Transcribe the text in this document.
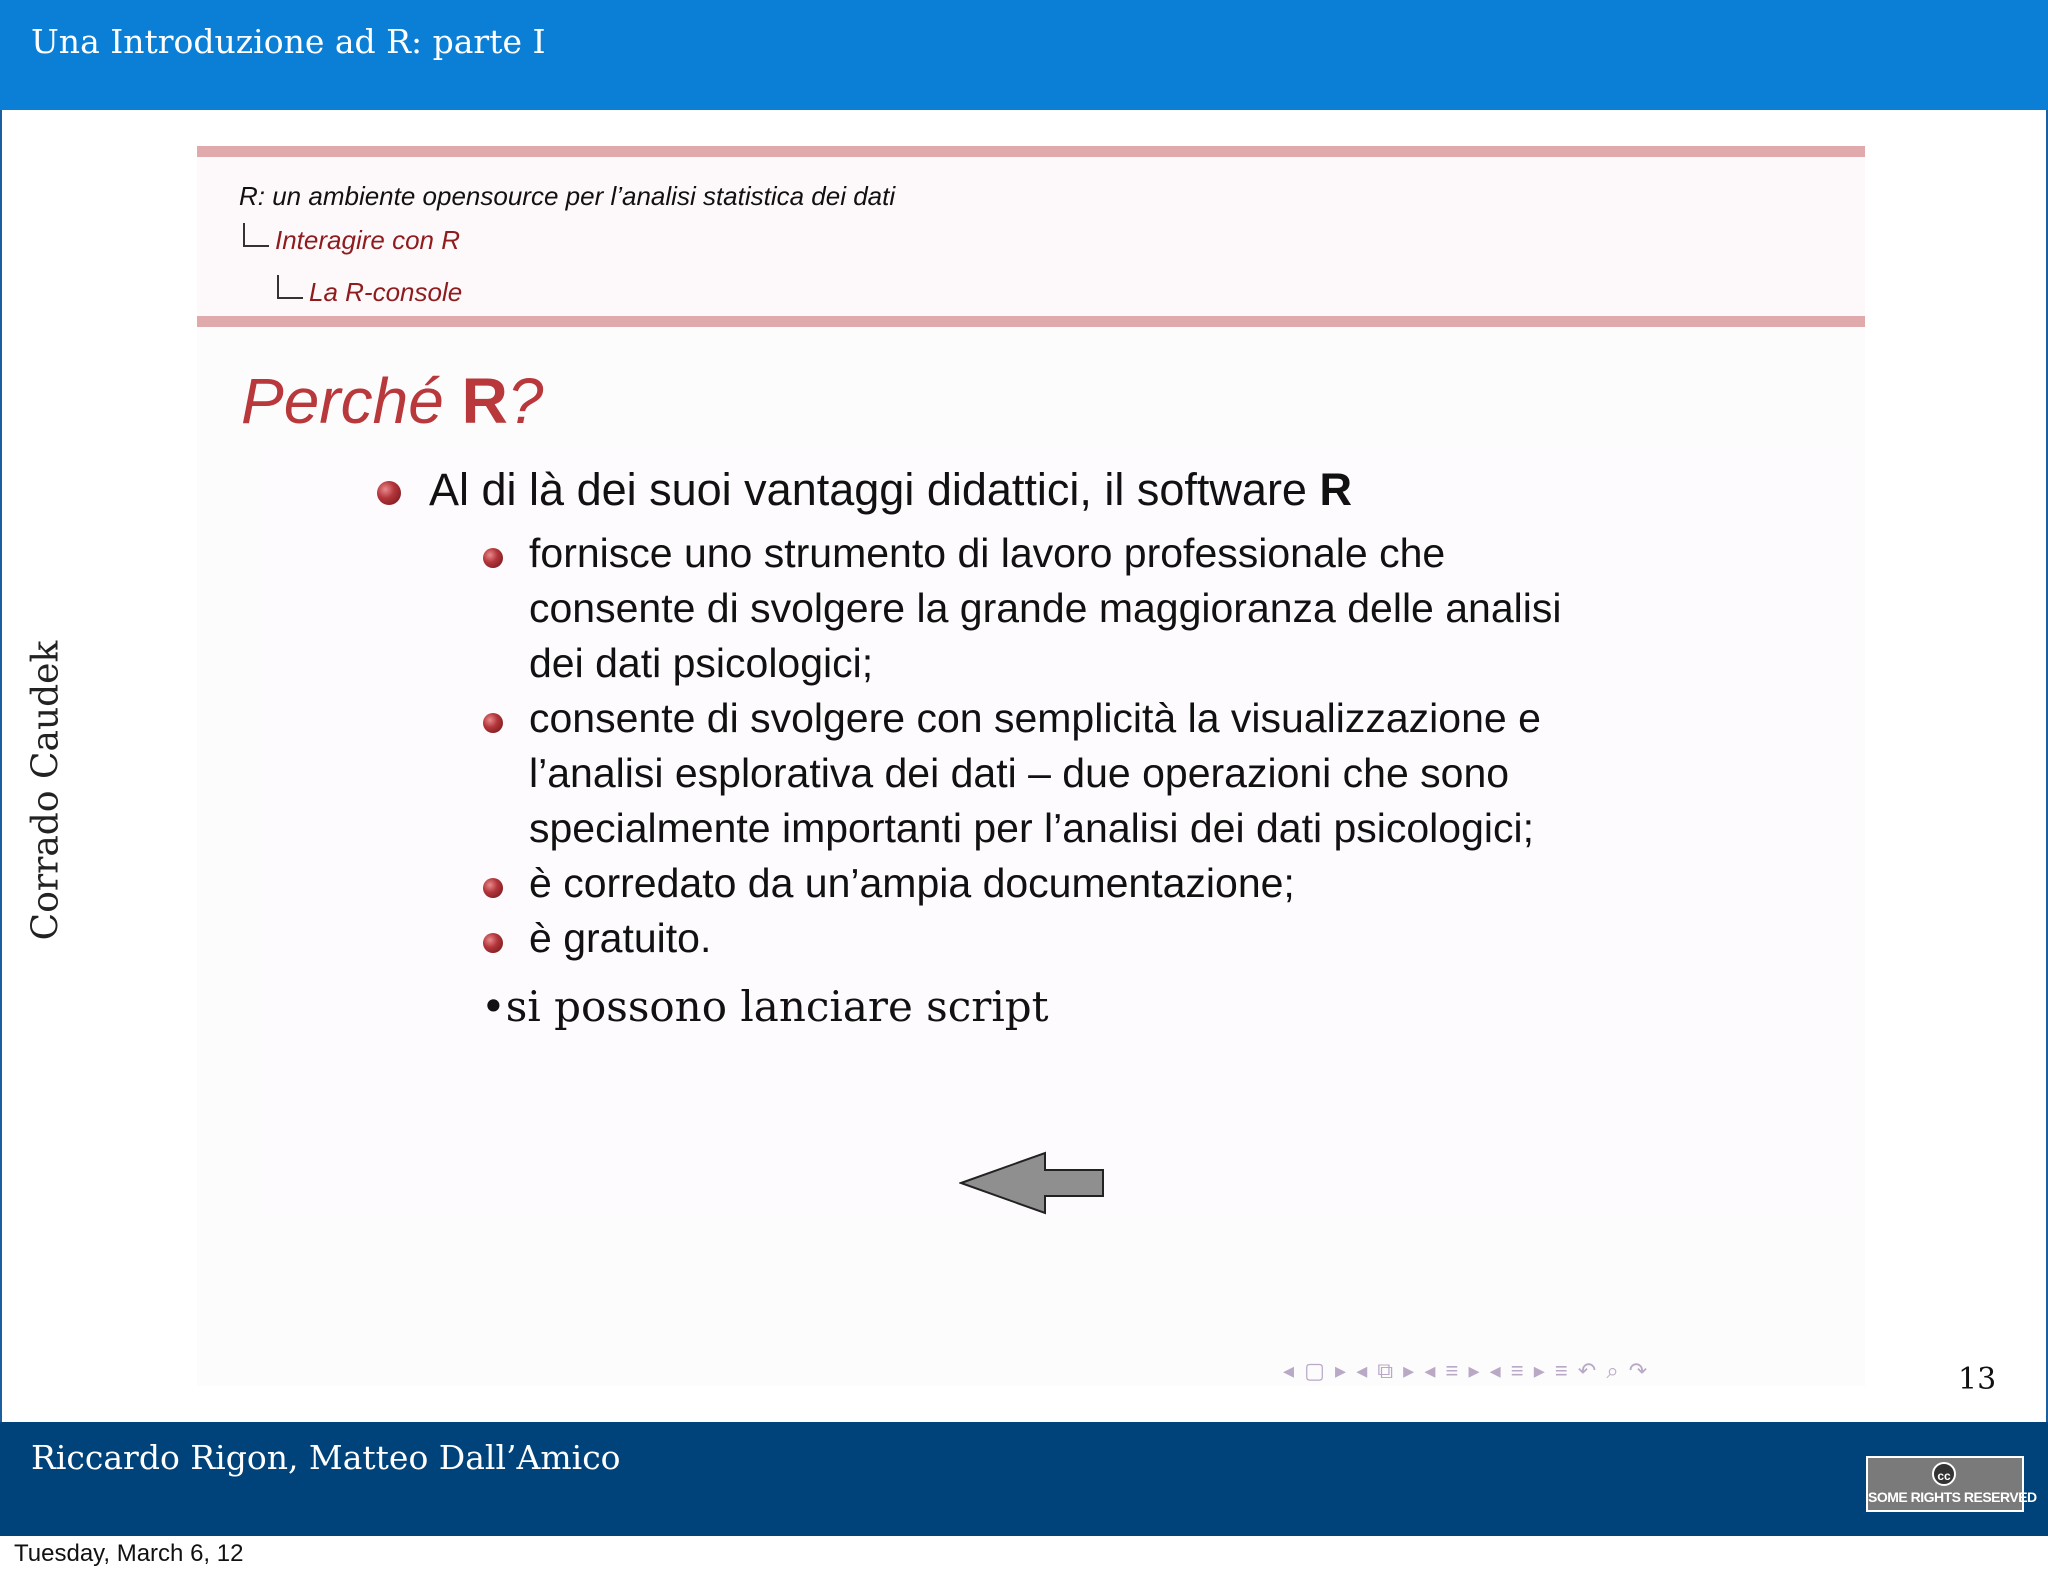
Una Introduzione ad R: parte I
Corrado Caudek
R: un ambiente opensource per l’analisi statistica dei dati
Interagire con R
La R-console
Perché R?
Al di là dei suoi vantaggi didattici, il software R
fornisce uno strumento di lavoro professionale che
consente di svolgere la grande maggioranza delle analisi
dei dati psicologici;
consente di svolgere con semplicità la visualizzazione e
l’analisi esplorativa dei dati – due operazioni che sono
specialmente importanti per l’analisi dei dati psicologici;
è corredato da un’ampia documentazione;
è gratuito.
•si possono lanciare script
◂ ▢ ▸ ◂ ⧉ ▸ ◂ ≡ ▸ ◂ ≡ ▸ ≡ ↶ ⌕ ↷	13
Riccardo Rigon, Matteo Dall’Amico	cc
SOME RIGHTS RESERVED
Tuesday, March 6, 12
